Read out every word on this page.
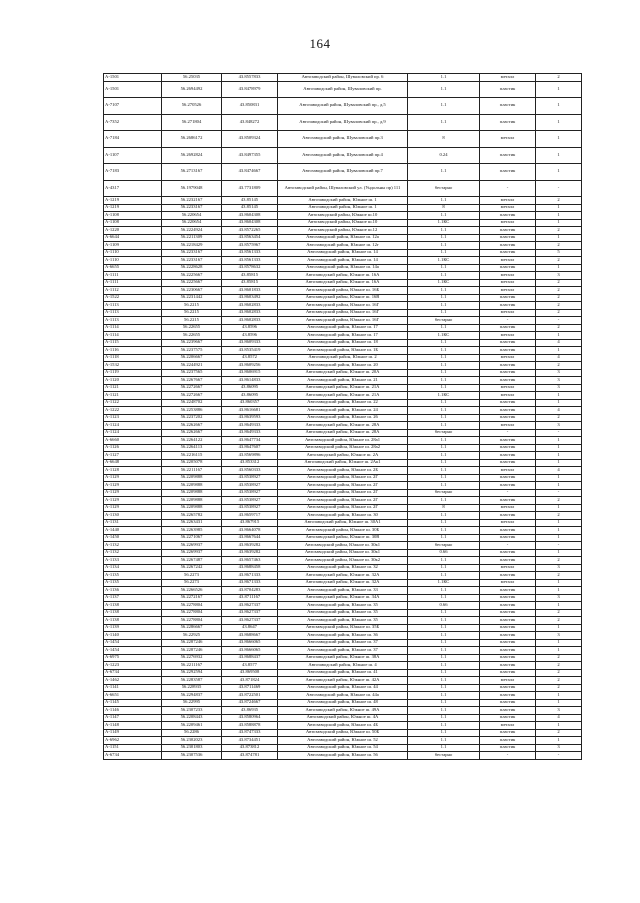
164
А-1501	56.25035	43.8557833	Автозаводский район, Шуваловский пр. 6	1.1	металл	2
А-1501	56.2694492	43.8478979	Автозаводский район, Шуваловский пр.	1.1	пластик	1
А-7107	56.270526	43.850831	Автозаводский район, Шуваловский пр., д.5	1.1	пластик	1
А-7352	56.271804	43.848272	Автозаводский район, Шуваловский пр., д.9	1.1	пластик	1
А-7184	56.2686172	43.8509324	Автозаводский район, Шуваловский пр.3	8	металл	1
А-1107	56.2692824	43.8497355	Автозаводский район, Шуваловский пр.4	0.24	пластик	1
А-7183	56.2713167	43.8474667	Автозаводский район, Шуваловский пр.7	1.1	пластик	1
А-4317	56.1979048	43.7731809	Автозаводский район, Шуваловский ул. (Ундольны пр) 111	бестарно	-	-
А-1219	56.2232167	43.85145	Автозаводский район, Южное ш. 1	1.1	металл	2
А-1219	56.2233167	43.85145	Автозаводский район, Южное ш. 1	8	металл	1
А-1108	56.220654	43.8604308	Автозаводский район, Южное ш.10	1.1	пластик	1
А-1108	56.220654	43.8604308	Автозаводский район, Южное ш.10	1.1КС	металл	1
А-1220	56.2224924	43.8572265	Автозаводский район, Южное ш.12	1.1	пластик	2
А-6644	56.2211309	43.8563454	Автозаводский район, Южное ш. 12а	1.1	пластик	1
А-1109	56.2218429	43.8575967	Автозаводский район, Южное ш. 12г	1.1	пластик	2
А-1110	56.2233167	43.8561333	Автозаводский район, Южное ш. 14	1.1	пластик	5
А-1110	56.2233167	43.8561333	Автозаводский район, Южное ш. 14	1.1КС	металл	2
А-6655	56.2228628	43.8578632	Автозаводский район, Южное ш. 14а	1.1	пластик	1
А-1111	56.2225667	43.85815	Автозаводский район, Южное ш. 16А	1.1	металл	3
А-1111	56.2225667	43.85815	Автозаводский район, Южное ш. 16А	1.1КС	металл	2
А-1112	56.2230667	43.8601833	Автозаводский район, Южное ш. 16Б	1.1	металл	2
А-1522	56.2231442	43.8603492	Автозаводский район, Южное ш. 16В	1.1	пластик	2
А-1113	56.2215	43.8602833	Автозаводский район, Южное ш. 16Г	1.1	пластик	2
А-1113	56.2215	43.8602833	Автозаводский район, Южное ш. 16Г	1.1	металл	2
А-1113	56.2215	43.8602833	Автозаводский район, Южное ш. 16Г	бестарно	-	-
А-1114	56.22655	43.8596	Автозаводский район, Южное ш. 17	1.1	пластик	2
А-1114	56.22655	43.8596	Автозаводский район, Южное ш. 17	1.1КС	металл	1
А-1115	56.2239667	43.8609333	Автозаводский район, Южное ш. 18	1.1	пластик	4
А-1116	56.2237575	43.8535419	Автозаводский район, Южное ш. 1Б	1.1	пластик	1
А-1118	56.2206667	43.8572	Автозаводский район, Южное ш. 2	1.1	металл	4
А-1532	56.2244921	43.8609256	Автозаводский район, Южное ш. 20	1.1	пластик	2
А-1119	56.2237565	43.8606915	Автозаводский район, Южное ш. 20А	1.1	пластик	3
А-1120	56.2267667	43.8614833	Автозаводский район, Южное ш. 21	1.1	пластик	3
А-1121	56.2272667	43.86095	Автозаводский район, Южное ш. 21А	1.1	металл	3
А-1121	56.2272667	43.86095	Автозаводский район, Южное ш. 21А	1.1КС	металл	1
А-1122	56.2248702	43.860357	Автозаводский район, Южное ш. 22	1.1	пластик	1
А-1222	56.2253886	43.8616681	Автозаводский район, Южное ш. 24	1.1	пластик	4
А-1123	56.2237202	43.8639593	Автозаводский район, Южное ш. 26	1.1	пластик	2
А-1124	56.2262667	43.8649333	Автозаводский район, Южное ш. 28А	1.1	металл	3
А-1124	56.2262667	43.8649333	Автозаводский район, Южное ш. 28А	бестарно	-	-
А-6660	56.2264122	43.8647734	Автозаводский район, Южное ш. 28а1	1.1	пластик	1
А-1126	56.2264113	43.8647607	Автозаводский район, Южное ш. 28а2	1.1	пластик	1
А-1127	56.2216115	43.8569896	Автозаводский район, Южное ш. 2А	1.1	пластик	1
А-6648	56.2205078	43.853312	Автозаводский район, Южное ш. 2Ак1	1.1	пластик	1
А-1128	56.2211167	43.8560333	Автозаводский район, Южное ш. 2Б	1.1	металл	4
А-1129	56.2209888	43.8538927	Автозаводский район, Южное ш. 2Г	1.1	пластик	1
А-1129	56.2209888	43.8538927	Автозаводский район, Южное ш. 2Г	1.1	пластик	1
А-1129	56.2209888	43.8538927	Автозаводский район, Южное ш. 2Г	бестарно	-	-
А-1129	56.2209888	43.8538927	Автозаводский район, Южное ш. 2Г	1.1	пластик	2
А-1129	56.2209888	43.8538927	Автозаводский район, Южное ш. 2Г	8	металл	1
А-1130	56.2265782	43.8659717	Автозаводский район, Южное ш. 30	1.1	пластик	2
А-1131	56.2263431	43.867915	Автозаводский район, Южное ш. 30А1	1.1	металл	1
А-1440	56.2263985	43.8664078	Автозаводский район, Южное ш. 30Б	1.1	пластик	1
А-1450	56.2271067	43.8667644	Автозаводский район, Южное ш. 30В	1.1	пластик	1
А-1132	56.2269937	43.8639282	Автозаводский район, Южное ш. 30к1	бестарно	-	-
А-1132	56.2269937	43.8639282	Автозаводский район, Южное ш. 30к1	0.66	пластик	1
А-1133	56.2267487	43.8657463	Автозаводский район, Южное ш. 30к2	1.1	пластик	2
А-1134	56.2267242	43.8688458	Автозаводский район, Южное ш. 32	1.1	металл	3
А-1135	56.2273	43.8671333	Автозаводский район, Южное ш. 32А	1.1	пластик	2
А-1135	56.2273	43.8671333	Автозаводский район, Южное ш. 32А	1.1КС	металл	1
А-1136	56.2266526	43.8704283	Автозаводский район, Южное ш. 33	1.1	пластик	1
А-1137	56.2272167	43.8711167	Автозаводский район, Южное ш. 34А	1.1	пластик	3
А-1138	56.2278804	43.8627337	Автозаводский район, Южное ш. 35	0.66	пластик	1
А-1138	56.2278804	43.8627337	Автозаводский район, Южное ш. 35	1.1	пластик	2
А-1138	56.2278804	43.8627337	Автозаводский район, Южное ш. 35	1.1	пластик	2
А-1139	56.2286667	43.8647	Автозаводский район, Южное ш. 35Б	1.1	пластик	1
А-1140	56.22925	43.8688667	Автозаводский район, Южное ш. 36	1.1	пластик	3
А-1454	56.2287246	43.8666065	Автозаводский район, Южное ш. 37	1.1	пластик	1
А-1454	56.2287246	43.8666065	Автозаводский район, Южное ш. 37	1.1	пластик	1
А-6975	56.2276932	43.8688437	Автозаводский район, Южное ш. 38А	1.1	пластик	2
А-1223	56.2211167	43.8577	Автозаводский район, Южное ш. 4	1.1	пластик	2
А-6734	56.2292594	43.869508	Автозаводский район, Южное ш. 41	1.1	пластик	2
А-1462	56.2283587	43.871824	Автозаводский район, Южное ш. 42А	1.1	металл	2
А-1141	56.228935	43.8711469	Автозаводский район, Южное ш. 44	1.1	пластик	2
А-6651	56.2294837	43.8722501	Автозаводский район, Южное ш. 44а	1.1	пластик	1
А-1145	56.22995	43.8724667	Автозаводский район, Южное ш. 48	1.1	пластик	1
А-1146	56.2307233	43.86935	Автозаводский район, Южное ш. 49А	1.1	пластик	3
А-1147	56.2208443	43.8580964	Автозаводский район, Южное ш. 4А	1.1	пластик	4
А-1148	56.2209461	43.8588878	Автозаводский район, Южное ш. 4Б	1.1	металл	1
А-1149	56.2286	43.8747333	Автозаводский район, Южное ш. 50Б	1.1	пластик	2
А-6962	56.2302023	43.8734451	Автозаводский район, Южное ш. 52	1.1	пластик	1
А-1151	56.2301803	43.873812	Автозаводский район, Южное ш. 54	1.1	пластик	3
А-6734	56.2307536	43.874781	Автозаводский район, Южное ш. 56	бестарно	-	-
